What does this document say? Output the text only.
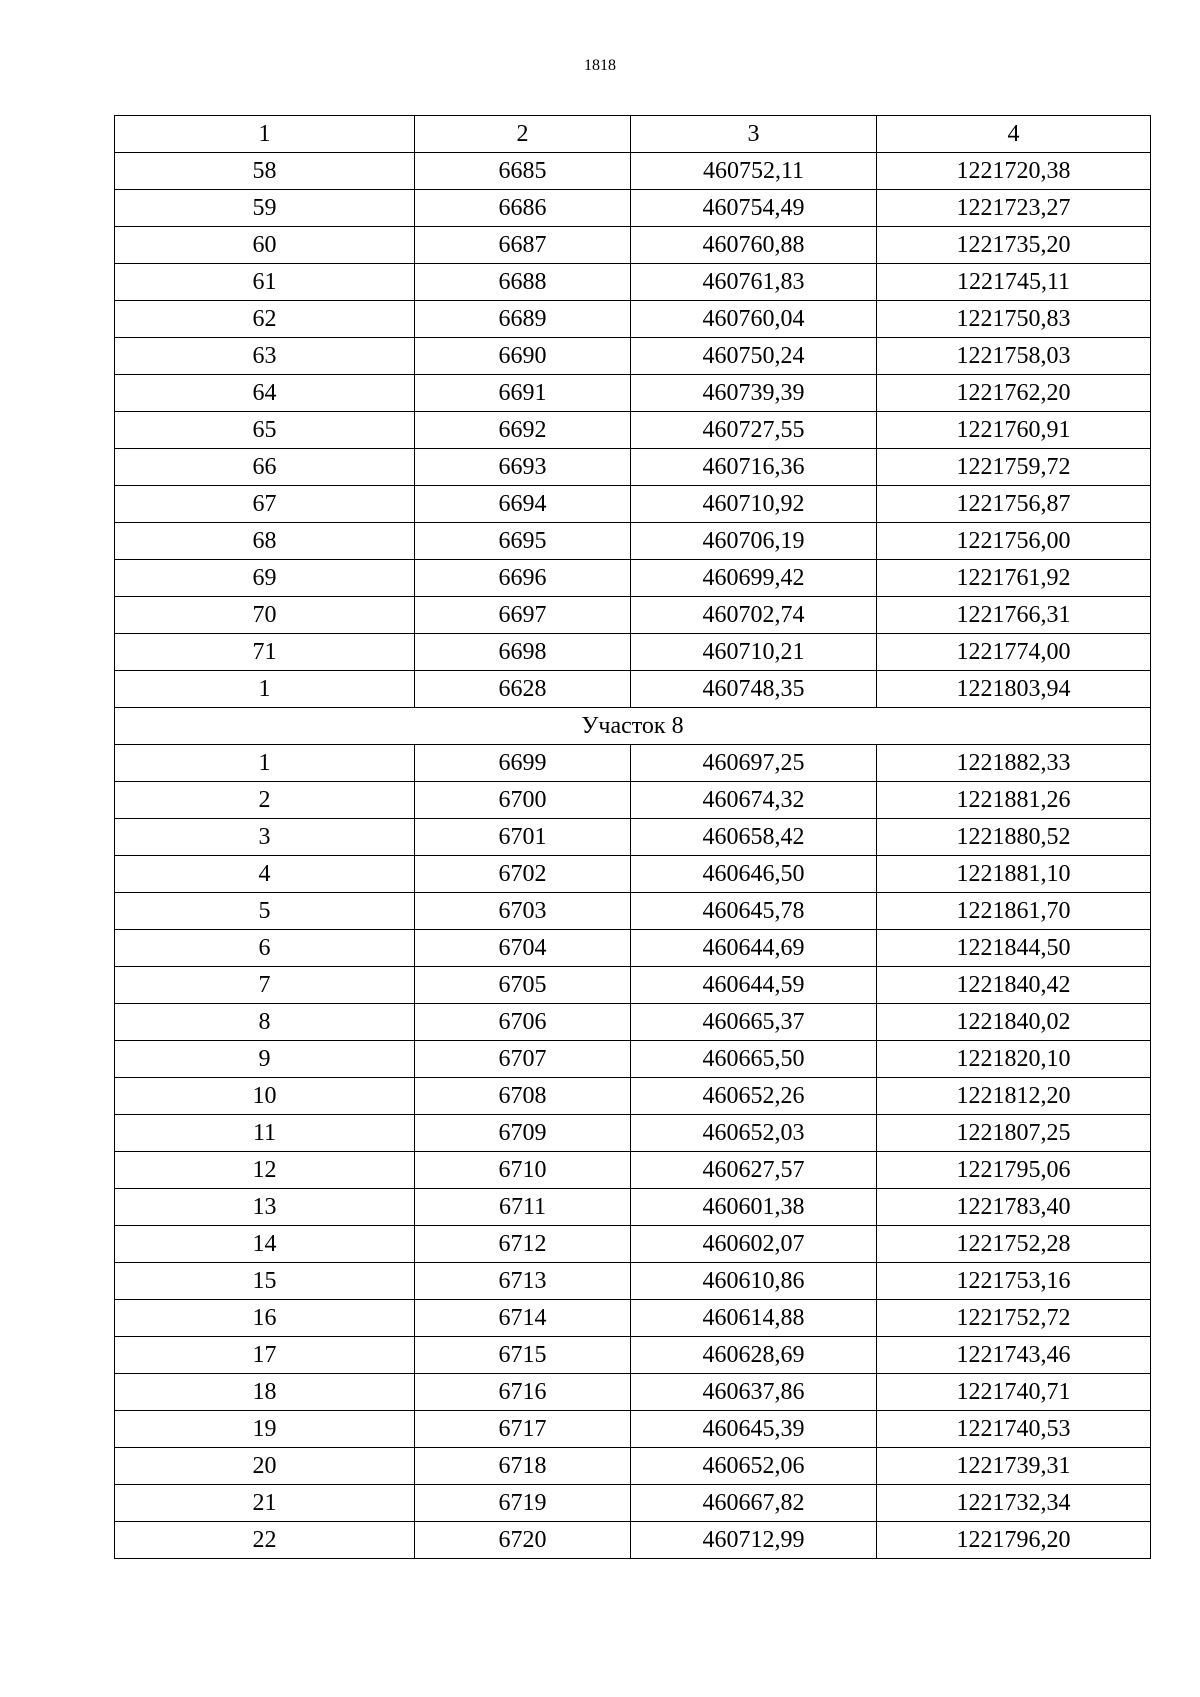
1818
1	2	3	4
58	6685	460752,11	1221720,38
59	6686	460754,49	1221723,27
60	6687	460760,88	1221735,20
61	6688	460761,83	1221745,11
62	6689	460760,04	1221750,83
63	6690	460750,24	1221758,03
64	6691	460739,39	1221762,20
65	6692	460727,55	1221760,91
66	6693	460716,36	1221759,72
67	6694	460710,92	1221756,87
68	6695	460706,19	1221756,00
69	6696	460699,42	1221761,92
70	6697	460702,74	1221766,31
71	6698	460710,21	1221774,00
1	6628	460748,35	1221803,94
Участок 8			
1	6699	460697,25	1221882,33
2	6700	460674,32	1221881,26
3	6701	460658,42	1221880,52
4	6702	460646,50	1221881,10
5	6703	460645,78	1221861,70
6	6704	460644,69	1221844,50
7	6705	460644,59	1221840,42
8	6706	460665,37	1221840,02
9	6707	460665,50	1221820,10
10	6708	460652,26	1221812,20
11	6709	460652,03	1221807,25
12	6710	460627,57	1221795,06
13	6711	460601,38	1221783,40
14	6712	460602,07	1221752,28
15	6713	460610,86	1221753,16
16	6714	460614,88	1221752,72
17	6715	460628,69	1221743,46
18	6716	460637,86	1221740,71
19	6717	460645,39	1221740,53
20	6718	460652,06	1221739,31
21	6719	460667,82	1221732,34
22	6720	460712,99	1221796,20
